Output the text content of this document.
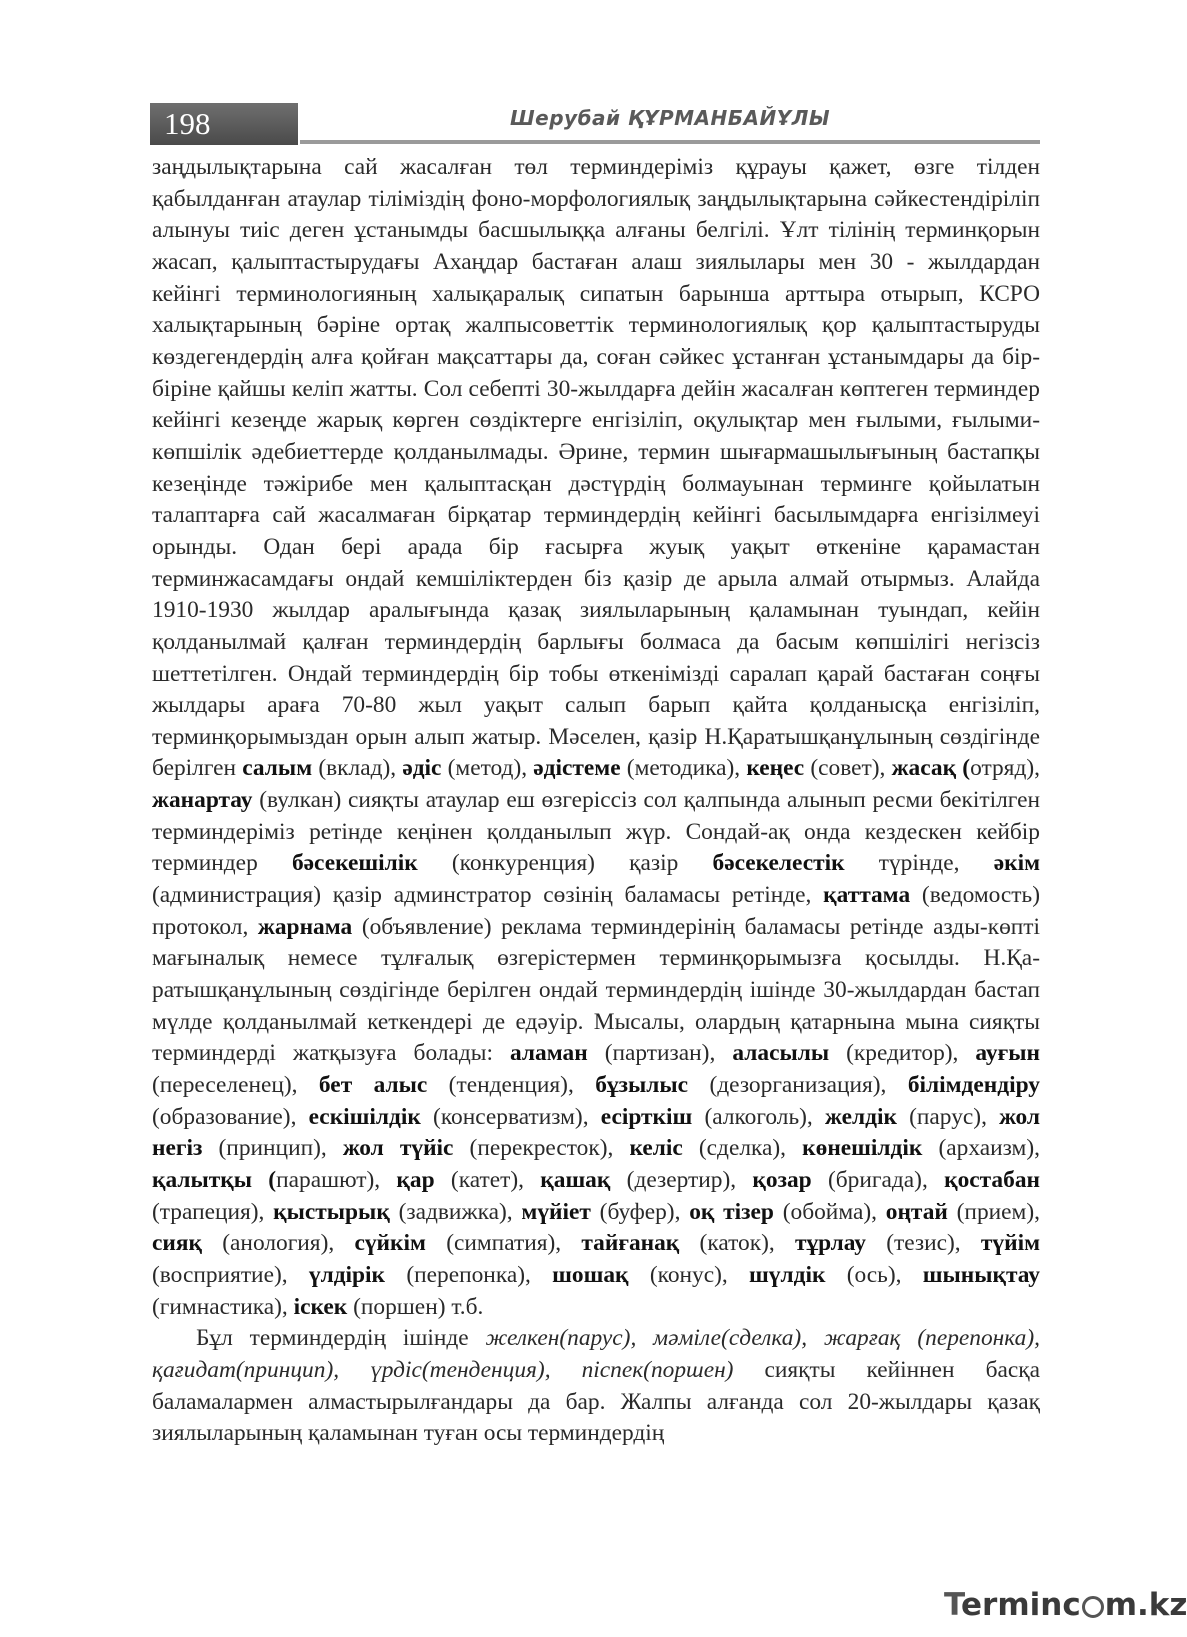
198	Шерубай ҚҰРМАНБАЙҰЛЫ

заңдылықтарына сай жасалған төл терминдеріміз құрауы қажет, өзге тілден қабылданған атаулар тіліміздің фоно-морфологиялық заңдылықтарына сәйкестендіріліп алынуы тиіс деген ұстанымды басшылыққа алғаны белгілі. Ұлт тілінің терминқорын жасап, қалыптастырудағы Ахаңдар бастаған алаш зиялылары мен 30 - жылдардан кейінгі терминологияның халықаралық сипатын барынша арттыра отырып, КСРО халықтарының бәріне ортақ жалпысоветтік терминологиялық қор қалыптастыруды көздегендердің алға қойған мақсаттары да, соған сәйкес ұстанған ұстанымдары да бір-біріне қайшы келіп жатты. Сол себепті 30-жылдарға дейін жасалған көптеген терминдер кейінгі кезеңде жарық көрген сөздіктерге енгізіліп, оқулықтар мен ғылыми, ғылыми-көпшілік әдебиеттерде қолданылмады. Әрине, термин шығармашылығының бастапқы кезеңінде тәжірибе мен қалыптасқан дәстүрдің болмауынан терминге қойылатын талаптарға сай жасалмаған бірқатар терминдердің кейінгі басылымдарға енгізілмеуі орынды. Одан бері арада бір ғасырға жуық уақыт өткеніне қарамастан терминжасамдағы ондай кемшіліктерден біз қазір де арыла алмай отырмыз. Алайда 1910-1930 жылдар аралығында қазақ зиялыларының қаламынан туындап, кейін қолданылмай қалған терминдердің барлығы болмаса да басым көпшілігі негізсіз шеттетілген. Ондай терминдердің бір тобы өткенімізді саралап қарай бастаған соңғы жылдары араға 70-80 жыл уақыт салып барып қайта қолданысқа енгізіліп, терминқорымыздан орын алып жатыр. Мәселен, қазір Н.Қаратышқанұлының сөздігінде берілген салым (вклад), әдіс (метод), әдістеме (методика), кеңес (совет), жасақ (отряд), жанартау (вулкан) сияқты атаулар еш өзгеріссіз сол қалпында алынып ресми бекітілген терминдеріміз ретінде кеңінен қолданылып жүр. Сондай-ақ онда кездескен кейбір терминдер бәсекешілік (конкуренция) қазір бәсекелестік түрінде, әкім (администрация) қазір админстратор сөзінің баламасы ретінде, қаттама (ведомость) протокол, жарнама (объявление) реклама терминдерінің баламасы ретінде азды-көпті мағыналық немесе тұлғалық өзгерістермен терминқорымызға қосылды. Н.Қаратышқанұлының сөздігінде берілген ондай терминдердің ішінде 30-жылдардан бастап мүлде қолданылмай кеткендері де едәуір. Мысалы, олардың қатарнына мына сияқты терминдерді жатқызуға болады: аламан (партизан), аласылы (кредитор), ауғын (переселенец), бет алыс (тенденция), бұзылыс (дезорганизация), білімдендіру (образование), ескішілдік (консерватизм), есірткіш (алкоголь), желдік (парус), жол негіз (принцип), жол түйіс (перекресток), келіс (сделка), көнешілдік (архаизм), қалытқы (парашют), қар (катет), қашақ (дезертир), қозар (бригада), қостабан (трапеция), қыстырық (задвижка), мүйіет (буфер), оқ тізер (обойма), оңтай (прием), сияқ (анология), сүйкім (симпатия), тайғанақ (каток), тұрлау (тезис), түйім (восприятие), үлдірік (перепонка), шошақ (конус), шүлдік (ось), шынықтау (гимнастика), іскек (поршен) т.б.

Бұл терминдердің ішінде желкен(парус), мәміле(сделка), жарғақ (перепонка), қағидат(принцип), үрдіс(тенденция), піспек(поршен) сияқты кейіннен басқа баламалармен алмастырылғандары да бар. Жалпы алғанда сол 20-жылдары қазақ зиялыларының қаламынан туған осы терминдердің

Terminc m.kz
